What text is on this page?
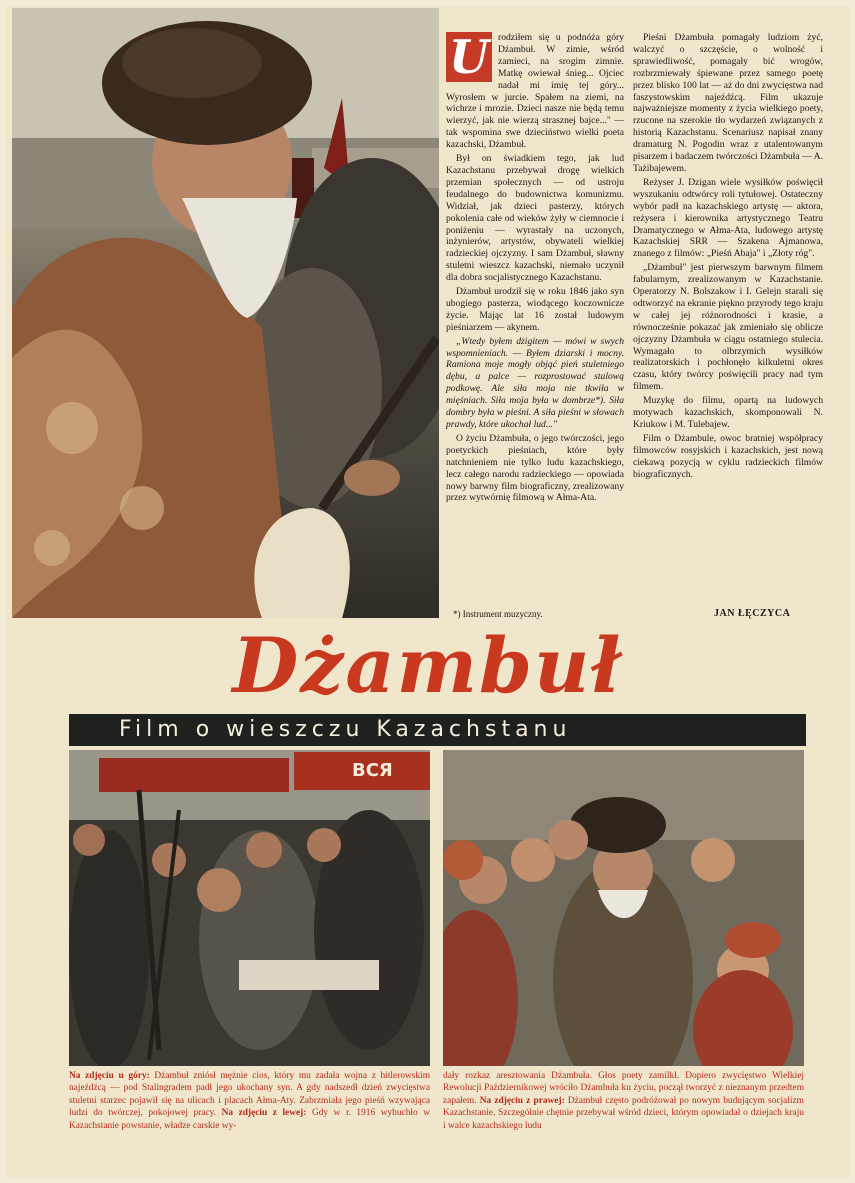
U rodziłem się u podnóża góry Dżambuł. W zimie, wśród zamieci, na srogim zimnie. Matkę owiewał śnieg... Ojciec nadał mi imię tej góry... Wyrosłem w jurcie. Spałem na ziemi, na wichrze i mrozie. Dzieci nasze nie będą temu wierzyć, jak nie wierzą strasznej bajce..." — tak wspomina swe dzieciństwo wielki poeta kazachski, Dżambuł.

Był on świadkiem tego, jak lud Kazachstanu przebywał drogę wielkich przemian społecznych — od ustroju feudalnego do budownictwa komunizmu. Widział, jak dzieci pasterzy, których pokolenia całe od wieków żyły w ciemnocie i poniżeniu — wyrastały na uczonych, inżynierów, artystów, obywateli wielkiej radzieckiej ojczyzny. I sam Dżambuł, sławny stuletni wieszcz kazachski, niemało uczynił dla dobra socjalistycznego Kazachstanu.

Dżambuł urodził się w roku 1846 jako syn ubogiego pasterza, wiodącego koczownicze życie. Mając lat 16 został ludowym pieśniarzem — akynem.

„Wtedy byłem dżigitem — mówi w swych wspomnieniach. — Byłem dziarski i mocny. Ramiona moje mogły objąć pień stuletniego dębu, a palce — rozprostować stalową podkowę. Ale siła moja nie tkwiła w mięśniach. Siła moja była w dombrze*). Siła dombry była w pieśni. A siła pieśni w słowach prawdy, które ukochał lud..."

O życiu Dżambuła, o jego twórczości, jego poetyckich pieśniach, które były natchnieniem nie tylko ludu kazachskiego, lecz całego narodu radzieckiego — opowiada nowy barwny film biograficzny, zrealizowany przez wytwórnię filmową w Ałma-Ata.

Pieśni Dżambuła pomagały ludziom żyć, walczyć o szczęście, o wolność i sprawiedliwość, pomagały bić wrogów, rozbrzmiewały śpiewane przez samego poetę przez blisko 100 lat — aż do dni zwycięstwa nad faszystowskim najeźdźcą. Film ukazuje najważniejsze momenty z życia wielkiego poety, rzucone na szerokie tło wydarzeń związanych z historią Kazachstanu. Scenariusz napisał znany dramaturg N. Pogodin wraz z utalentowanym pisarzem i badaczem twórczości Dżambuła — A. Tażibajewem.

Reżyser J. Dzigan wiele wysiłków poświęcił wyszukaniu odtwórcy roli tytułowej. Ostateczny wybór padł na kazachskiego artystę — aktora, reżysera i kierownika artystycznego Teatru Dramatycznego w Ałma-Ata, ludowego artystę Kazachskiej SRR — Szakena Ajmanowa, znanego z filmów: „Pieśń Abaja" i „Złoty róg".

„Dżambuł" jest pierwszym barwnym filmem fabularnym, zrealizowanym w Kazachstanie. Operatorzy N. Bolszakow i I. Gelejn starali się odtworzyć na ekranie piękno przyrody tego kraju w całej jej różnorodności i krasie, a równocześnie pokazać jak zmieniało się oblicze ojczyzny Dżambuła w ciągu ostatniego stulecia. Wymagało to olbrzymich wysiłków realizatorskich i pochłonęło kilkuletni okres czasu, który twórcy poświęcili pracy nad tym filmem.

Muzykę do filmu, opartą na ludowych motywach kazachskich, skomponowali N. Kriukow i M. Tulebajew.

Film o Dżambule, owoc bratniej współpracy filmowców rosyjskich i kazachskich, jest nową ciekawą pozycją w cyklu radzieckich filmów biograficznych.

*) Instrument muzyczny.	JAN ŁĘCZYCA
Dżambuł
Film o wieszczu Kazachstanu
ВСЯ
Na zdjęciu u góry: Dżambuł zniósł mężnie cios, który mu zadała wojna z hitlerowskim najeźdźcą — pod Stalingradem padł jego ukochany syn. A gdy nadszedł dzień zwycięstwa stuletni starzec pojawił się na ulicach i placach Ałma-Aty. Zabrzmiała jego pieśń wzywająca ludzi do twórczej, pokojowej pracy. Na zdjęciu z lewej: Gdy w r. 1916 wybuchło w Kazachstanie powstanie, władze carskie wy-
dały rozkaz aresztowania Dżambuła. Głos poety zamilkł. Dopiero zwycięstwo Wielkiej Rewolucji Październikowej wróciło Dżambuła ku życiu, począł tworzyć z nieznanym przedtem zapałem. Na zdjęciu z prawej: Dżambuł często podróżował po nowym budującym socjalizm Kazachstanie. Szczególnie chętnie przebywał wśród dzieci, którym opowiadał o dziejach kraju i walce kazachskiego ludu
